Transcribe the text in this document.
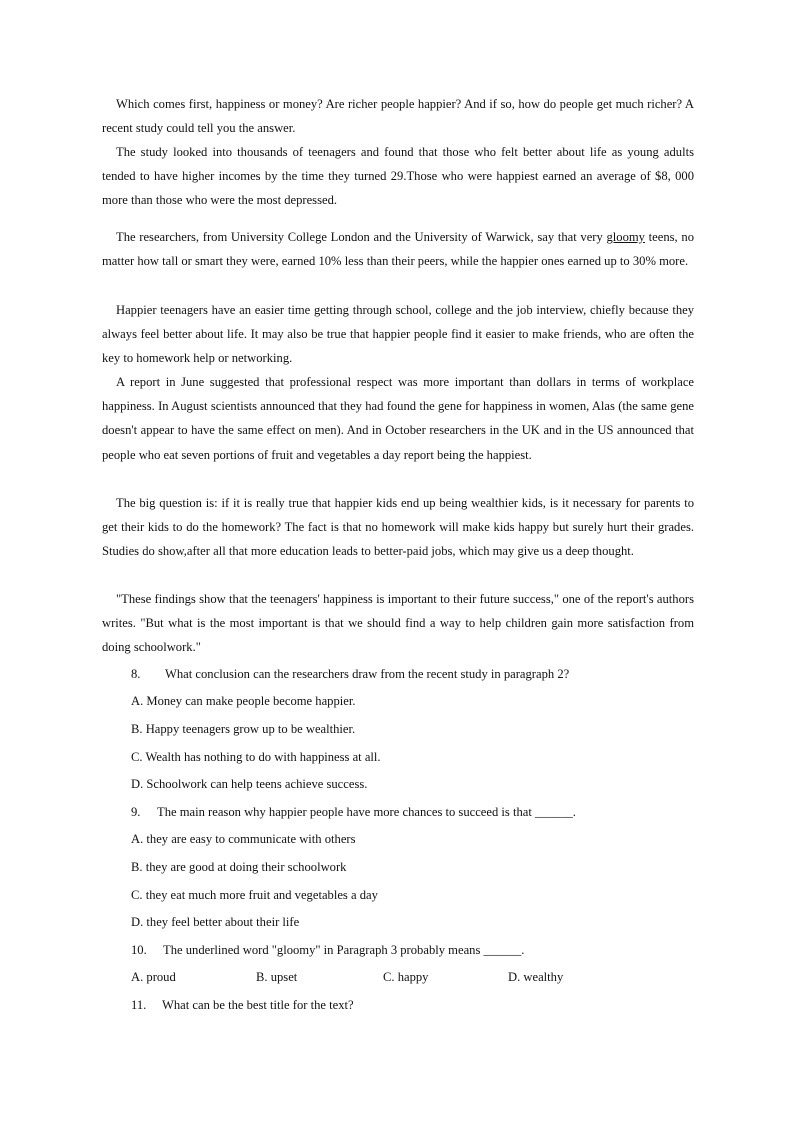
Which comes first, happiness or money? Are richer people happier? And if so, how do people get much richer? A recent study could tell you the answer.

The study looked into thousands of teenagers and found that those who felt better about life as young adults tended to have higher incomes by the time they turned 29.Those who were happiest earned an average of $8, 000 more than those who were the most depressed.

The researchers, from University College London and the University of Warwick, say that very gloomy teens, no matter how tall or smart they were, earned 10% less than their peers, while the happier ones earned up to 30% more.

Happier teenagers have an easier time getting through school, college and the job interview, chiefly because they always feel better about life. It may also be true that happier people find it easier to make friends, who are often the key to homework help or networking.

A report in June suggested that professional respect was more important than dollars in terms of workplace happiness. In August scientists announced that they had found the gene for happiness in women, Alas (the same gene doesn't appear to have the same effect on men). And in October researchers in the UK and in the US announced that people who eat seven portions of fruit and vegetables a day report being the happiest.

The big question is: if it is really true that happier kids end up being wealthier kids, is it necessary for parents to get their kids to do the homework? The fact is that no homework will make kids happy but surely hurt their grades. Studies do show,after all that more education leads to better-paid jobs, which may give us a deep thought.

"These findings show that the teenagers' happiness is important to their future success," one of the report's authors writes. "But what is the most important is that we should find a way to help children gain more satisfaction from doing schoolwork."

8. What conclusion can the researchers draw from the recent study in paragraph 2?

A. Money can make people become happier.

B. Happy teenagers grow up to be wealthier.

C. Wealth has nothing to do with happiness at all.

D. Schoolwork can help teens achieve success.

9. The main reason why happier people have more chances to succeed is that ______.

A. they are easy to communicate with others

B. they are good at doing their schoolwork

C. they eat much more fruit and vegetables a day

D. they feel better about their life

10. The underlined word "gloomy" in Paragraph 3 probably means ______.

A. proud	B. upset	C. happy	D. wealthy

11. What can be the best title for the text?
